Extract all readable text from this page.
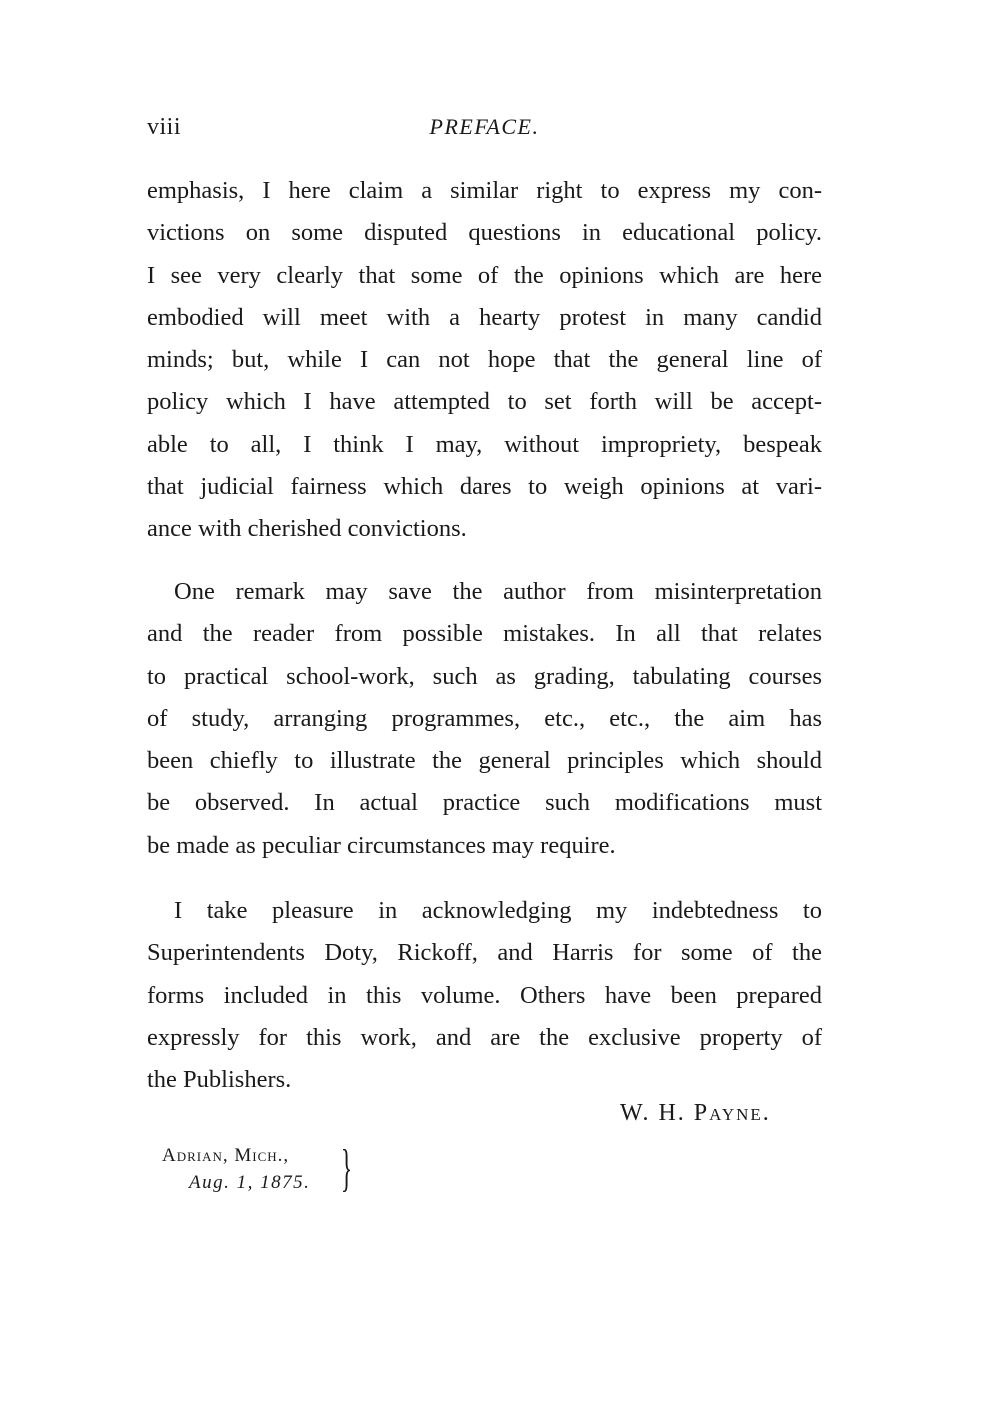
viii	PREFACE.
emphasis, I here claim a similar right to express my con-
victions on some disputed questions in educational policy.
I see very clearly that some of the opinions which are here
embodied will meet with a hearty protest in many candid
minds; but, while I can not hope that the general line of
policy which I have attempted to set forth will be accept-
able to all, I think I may, without impropriety, bespeak
that judicial fairness which dares to weigh opinions at vari-
ance with cherished convictions.
One remark may save the author from misinterpretation
and the reader from possible mistakes. In all that relates
to practical school-work, such as grading, tabulating courses
of study, arranging programmes, etc., etc., the aim has
been chiefly to illustrate the general principles which should
be observed. In actual practice such modifications must
be made as peculiar circumstances may require.
I take pleasure in acknowledging my indebtedness to
Superintendents Doty, Rickoff, and Harris for some of the
forms included in this volume. Others have been prepared
expressly for this work, and are the exclusive property of
the Publishers.
W. H. Payne.
Adrian, Mich.,
Aug. 1, 1875. }
